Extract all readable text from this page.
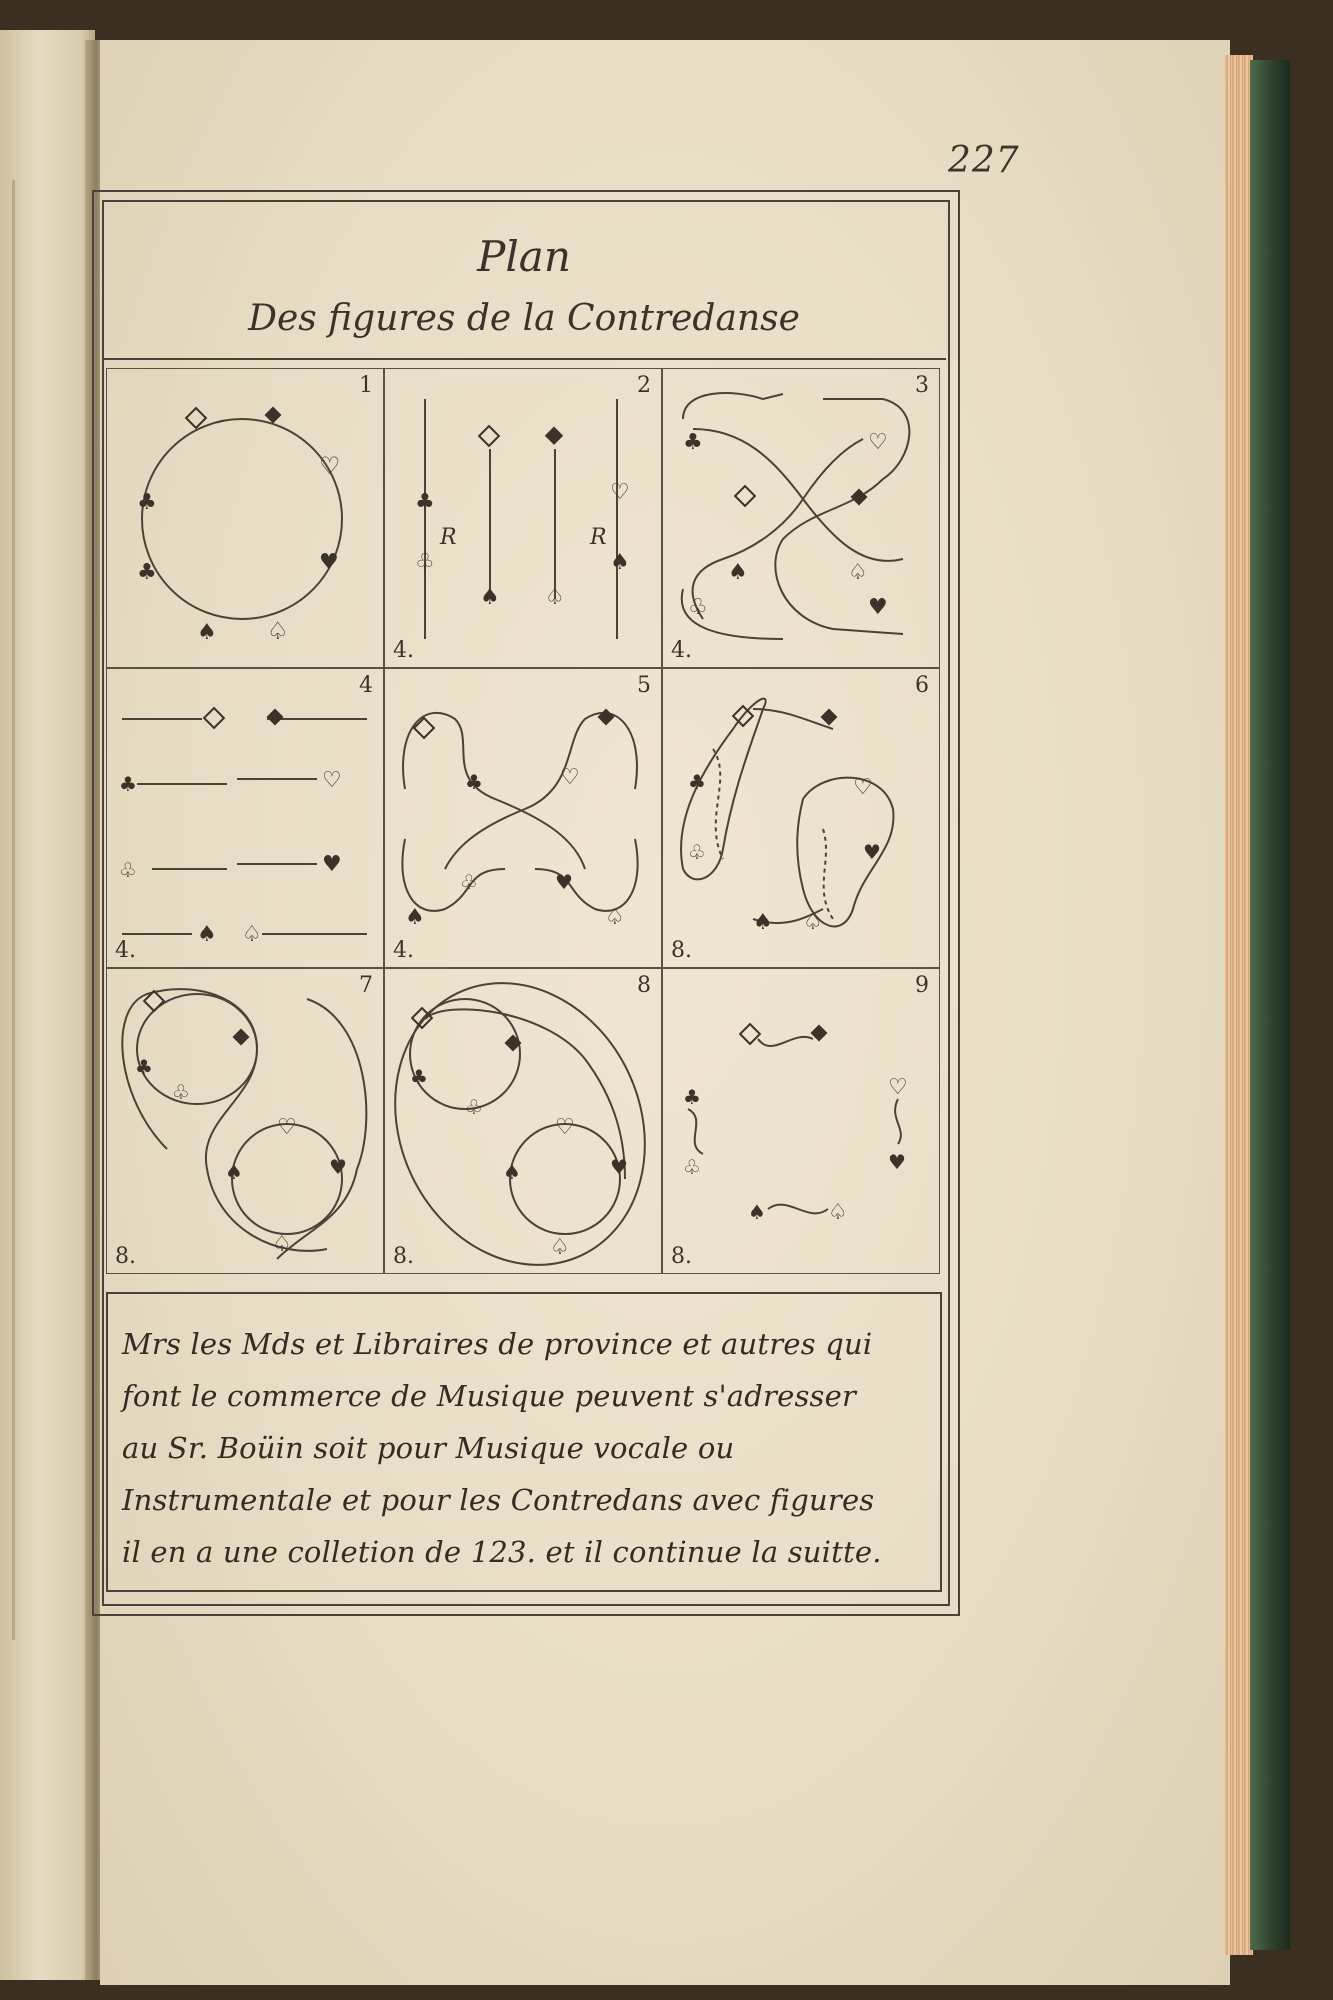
227
Plan
Des figures de la Contredanse
♡
♣
♥
♣
♠ ♤
1
♣	♡
R	R
♧	♠
♠ ♤
2
4.
♣	♡
♠	♤
♧	♥
3
4.
♣	♡
♧	♥
♠ ♤
4
4.
♣	♡
♧	♥
♠	♤
5
4.
♣	♡
♧	♥
♠ ♤
6
8.
♣
♧
♡
♠	♥
♤
7
8.
♣
♧
♡
♠	♥
♤
8
8.
♣	♡
♧	♥
♠	♤
9
8.
Mrs les Mds et Libraires de province et autres qui
font le commerce de Musique peuvent s'adresser
au Sr. Boüin soit pour Musique vocale ou
Instrumentale et pour les Contredans avec figures
il en a une colletion de 123. et il continue la suitte.
